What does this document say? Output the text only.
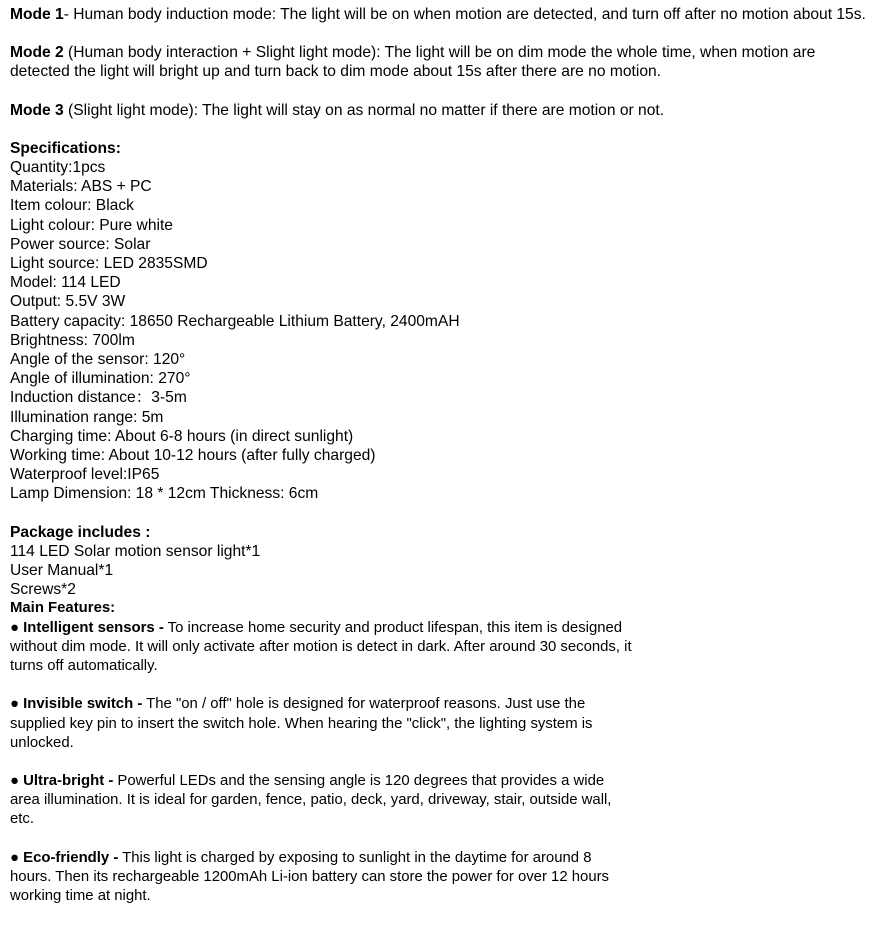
Mode 1- Human body induction mode: The light will be on when motion are detected, and turn off after no motion about 15s.

Mode 2 (Human body interaction + Slight light mode): The light will be on dim mode the whole time, when motion are detected the light will bright up and turn back to dim mode about 15s after there are no motion.

Mode 3 (Slight light mode): The light will stay on as normal no matter if there are motion or not.

Specifications:
Quantity:1pcs
Materials: ABS + PC
Item colour: Black
Light colour: Pure white
Power source: Solar
Light source: LED 2835SMD
Model: 114 LED
Output: 5.5V 3W
Battery capacity: 18650 Rechargeable Lithium Battery, 2400mAH
Brightness: 700lm
Angle of the sensor: 120°
Angle of illumination: 270°
Induction distance：3-5m
Illumination range: 5m
Charging time: About 6-8 hours (in direct sunlight)
Working time: About 10-12 hours (after fully charged)
Waterproof level:IP65
Lamp Dimension: 18 * 12cm Thickness: 6cm
Package includes :
114 LED Solar motion sensor light*1
User Manual*1
Screws*2
Main Features:

● Intelligent sensors - To increase home security and product lifespan, this item is designed without dim mode. It will only activate after motion is detect in dark. After around 30 seconds, it turns off automatically.

● Invisible switch - The "on / off" hole is designed for waterproof reasons. Just use the supplied key pin to insert the switch hole. When hearing the "click", the lighting system is unlocked.

● Ultra-bright - Powerful LEDs and the sensing angle is 120 degrees that provides a wide area illumination. It is ideal for garden, fence, patio, deck, yard, driveway, stair, outside wall, etc.

● Eco-friendly - This light is charged by exposing to sunlight in the daytime for around 8 hours. Then its rechargeable 1200mAh Li-ion battery can store the power for over 12 hours working time at night.
